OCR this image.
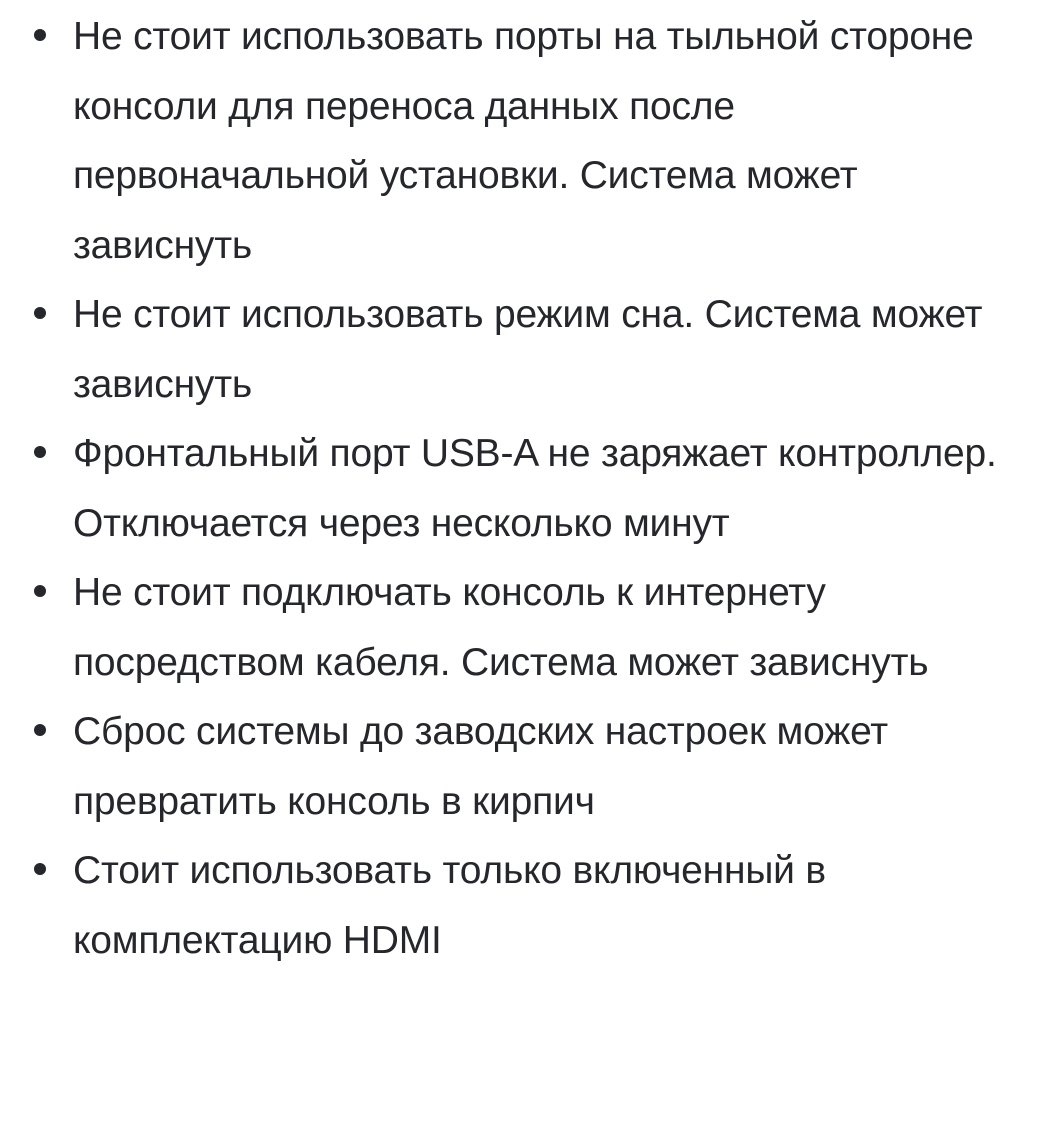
Не стоит использовать порты на тыльной стороне консоли для переноса данных после первоначальной установки. Система может зависнуть
Не стоит использовать режим сна. Система может зависнуть
Фронтальный порт USB-A не заряжает контроллер. Отключается через несколько минут
Не стоит подключать консоль к интернету посредством кабеля. Система может зависнуть
Сброс системы до заводских настроек может превратить консоль в кирпич
Стоит использовать только включенный в комплектацию HDMI
